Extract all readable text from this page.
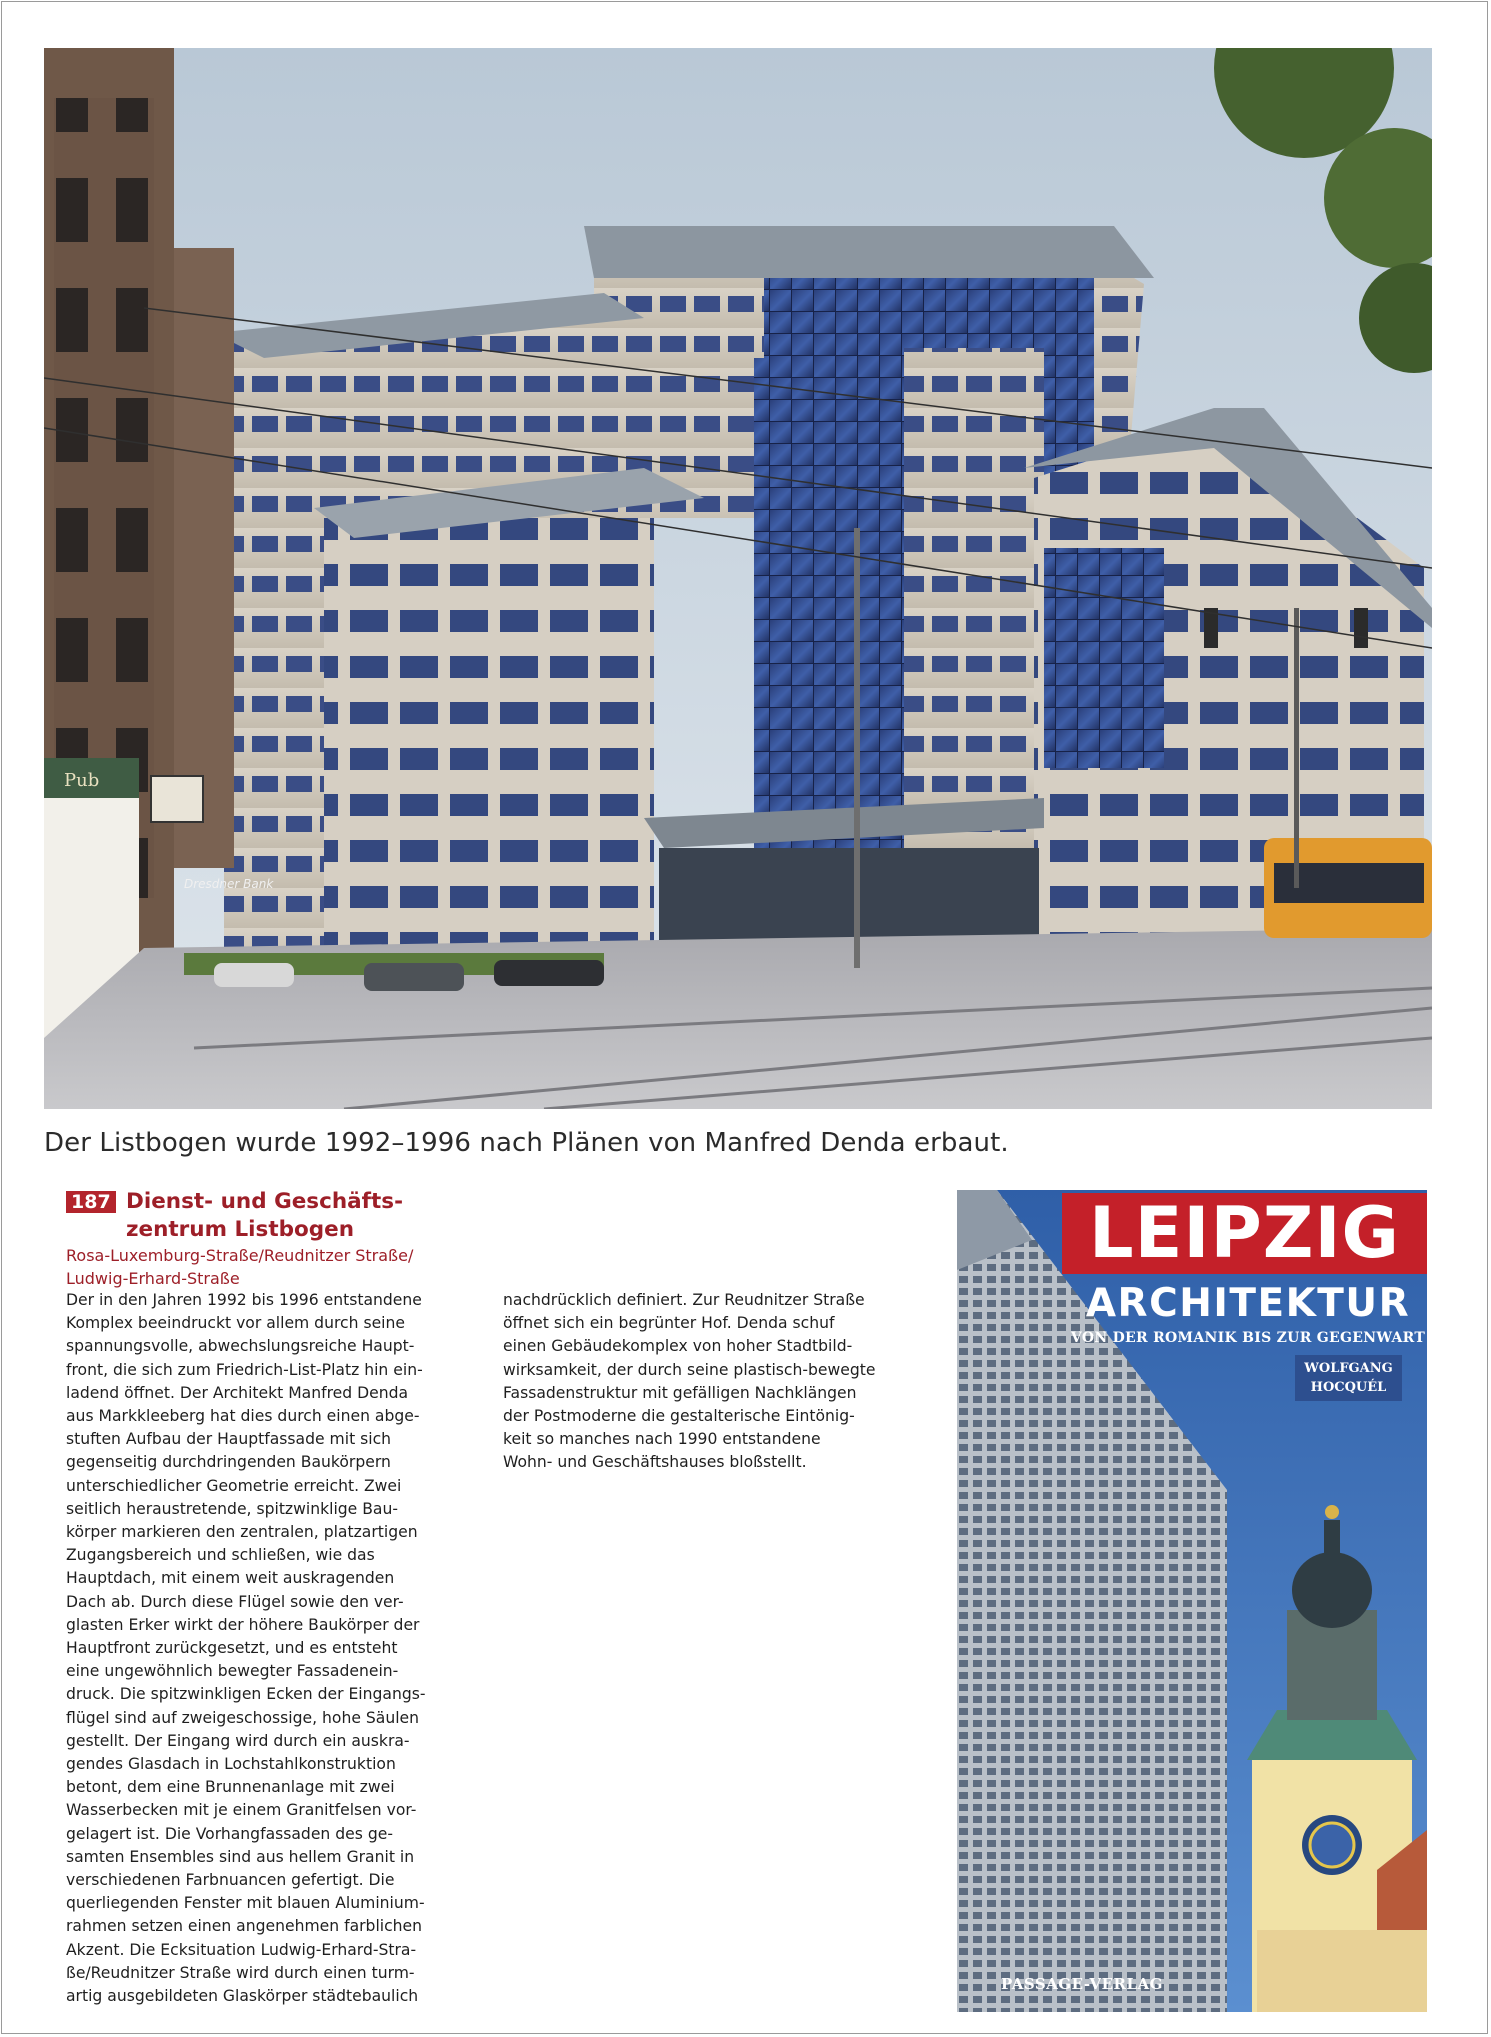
Pub
Dresdner Bank
Der Listbogen wurde 1992–1996 nach Plänen von Manfred Denda erbaut.
187 Dienst- und Geschäfts-
zentrum Listbogen
Rosa-Luxemburg-Straße/Reudnitzer Straße/
Ludwig-Erhard-Straße
Der in den Jahren 1992 bis 1996 entstandene
Komplex beeindruckt vor allem durch seine
spannungsvolle, abwechslungsreiche Haupt-
front, die sich zum Friedrich-List-Platz hin ein-
ladend öffnet. Der Architekt Manfred Denda
aus Markkleeberg hat dies durch einen abge-
stuften Aufbau der Hauptfassade mit sich
gegenseitig durchdringenden Baukörpern
unterschiedlicher Geometrie erreicht. Zwei
seitlich heraustretende, spitzwinklige Bau-
körper markieren den zentralen, platzartigen
Zugangsbereich und schließen, wie das
Hauptdach, mit einem weit auskragenden
Dach ab. Durch diese Flügel sowie den ver-
glasten Erker wirkt der höhere Baukörper der
Hauptfront zurückgesetzt, und es entsteht
eine ungewöhnlich bewegter Fassadenein-
druck. Die spitzwinkligen Ecken der Eingangs-
flügel sind auf zweigeschossige, hohe Säulen
gestellt. Der Eingang wird durch ein auskra-
gendes Glasdach in Lochstahlkonstruktion
betont, dem eine Brunnenanlage mit zwei
Wasserbecken mit je einem Granitfelsen vor-
gelagert ist. Die Vorhangfassaden des ge-
samten Ensembles sind aus hellem Granit in
verschiedenen Farbnuancen gefertigt. Die
querliegenden Fenster mit blauen Aluminium-
rahmen setzen einen angenehmen farblichen
Akzent. Die Ecksituation Ludwig-Erhard-Stra-
ße/Reudnitzer Straße wird durch einen turm-
artig ausgebildeten Glaskörper städtebaulich
nachdrücklich definiert. Zur Reudnitzer Straße
öffnet sich ein begrünter Hof. Denda schuf
einen Gebäudekomplex von hoher Stadtbild-
wirksamkeit, der durch seine plastisch-bewegte
Fassadenstruktur mit gefälligen Nachklängen
der Postmoderne die gestalterische Eintönig-
keit so manches nach 1990 entstandene
Wohn- und Geschäftshauses bloßstellt.
LEIPZIG
ARCHITEKTUR
VON DER ROMANIK BIS ZUR GEGENWART
WOLFGANG
HOCQUÉL
PASSAGE-VERLAG
